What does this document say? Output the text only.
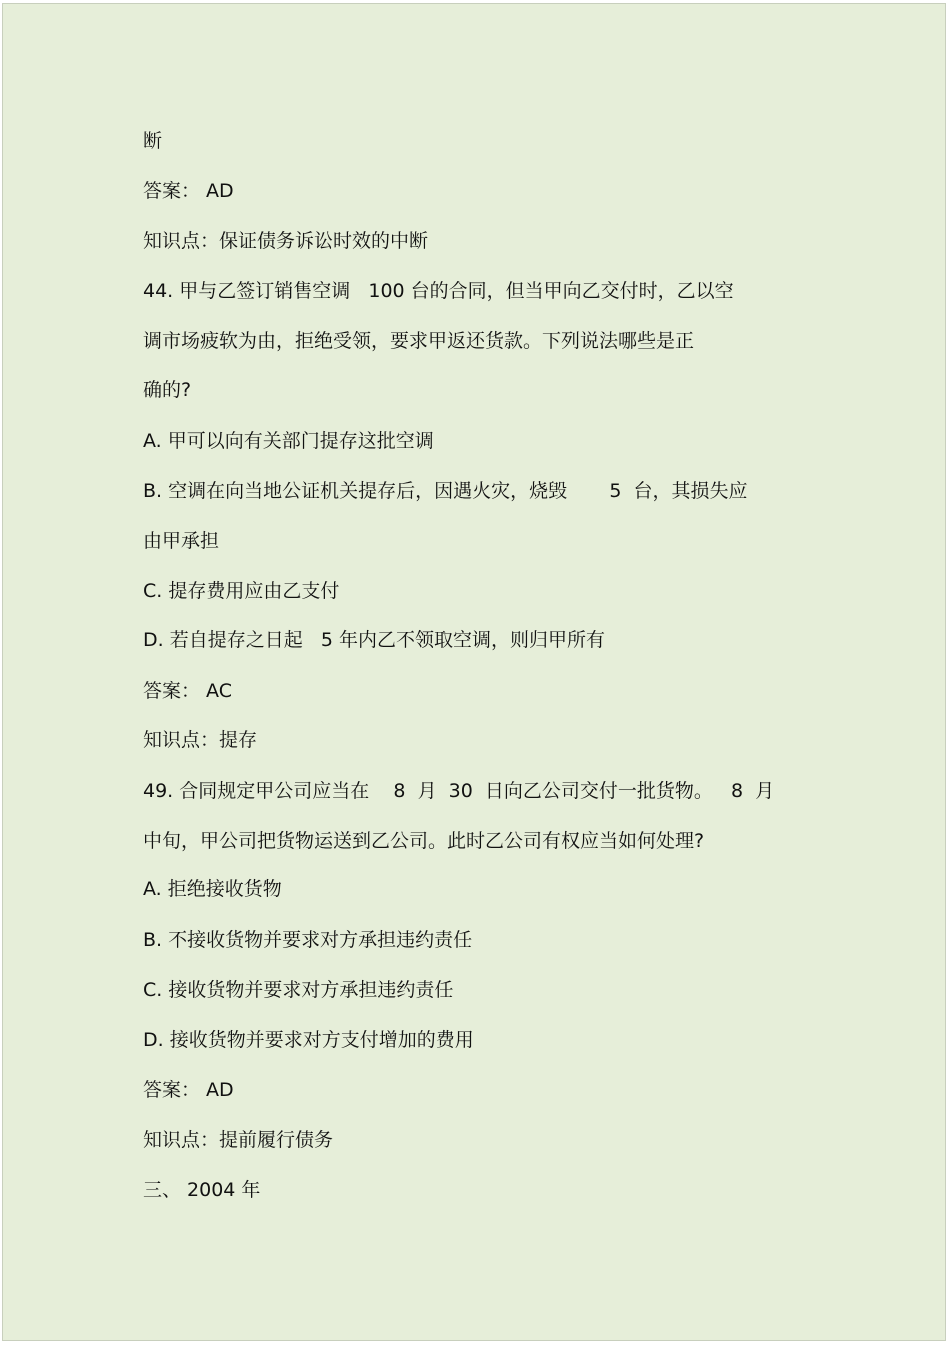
断

答案： AD

知识点：保证债务诉讼时效的中断

44. 甲与乙签订销售空调   100 台的合同，但当甲向乙交付时，乙以空

调市场疲软为由，拒绝受领，要求甲返还货款。下列说法哪些是正

确的?

A. 甲可以向有关部门提存这批空调

B. 空调在向当地公证机关提存后，因遇火灾，烧毁       5  台，其损失应

由甲承担

C. 提存费用应由乙支付

D. 若自提存之日起   5 年内乙不领取空调，则归甲所有

答案： AC

知识点：提存

49. 合同规定甲公司应当在    8  月  30  日向乙公司交付一批货物。   8  月

中旬，甲公司把货物运送到乙公司。此时乙公司有权应当如何处理?

A. 拒绝接收货物

B. 不接收货物并要求对方承担违约责任

C. 接收货物并要求对方承担违约责任

D. 接收货物并要求对方支付增加的费用

答案： AD

知识点：提前履行债务

三、 2004 年
